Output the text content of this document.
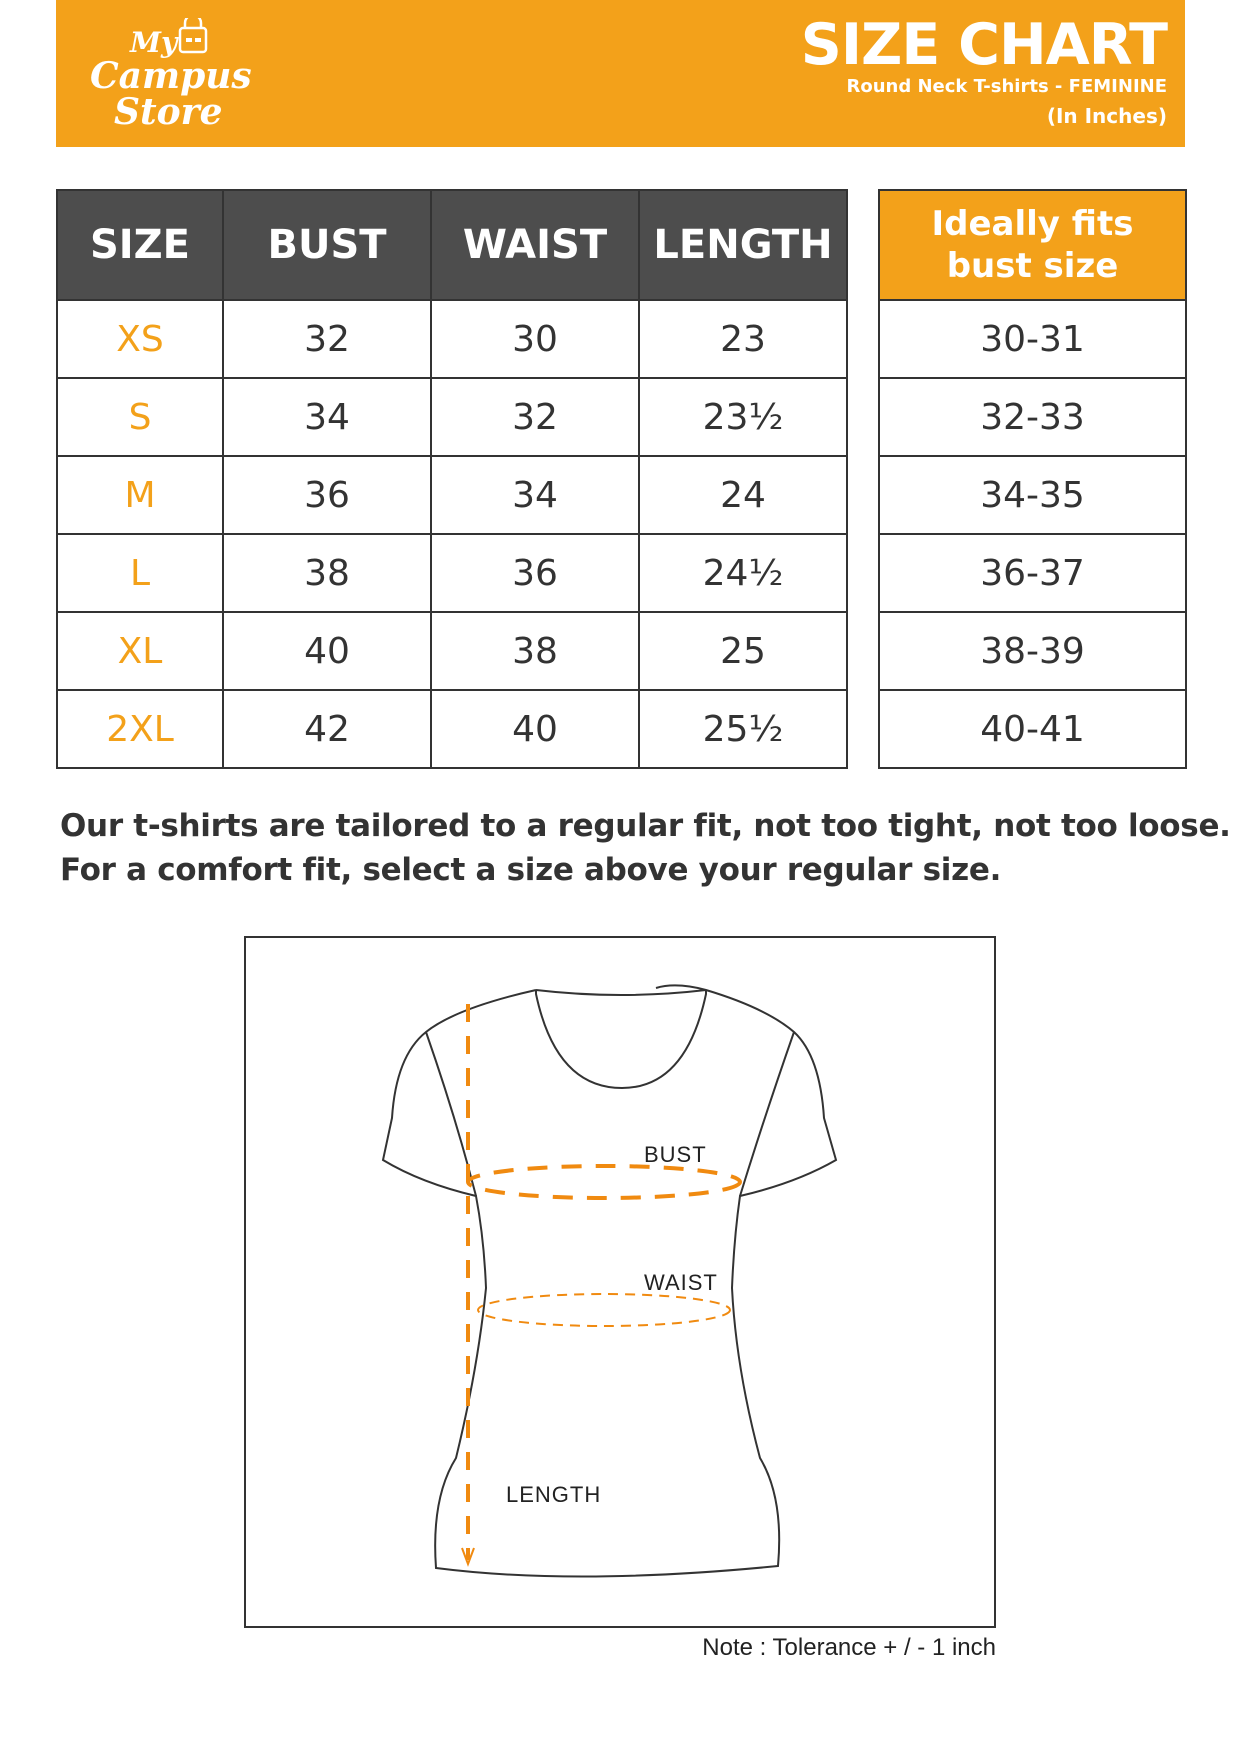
My
Campus
Store
SIZE CHART
Round Neck T-shirts - FEMININE
(In Inches)
SIZE	BUST	WAIST	LENGTH
XS	32	30	23
S	34	32	23½
M	36	34	24
L	38	36	24½
XL	40	38	25
2XL	42	40	25½
Ideally fits
bust size
30-31
32-33
34-35
36-37
38-39
40-41

Our t-shirts are tailored to a regular fit, not too tight, not too loose.

For a comfort fit, select a size above your regular size.

BUST
WAIST
LENGTH
Note : Tolerance + / - 1 inch
